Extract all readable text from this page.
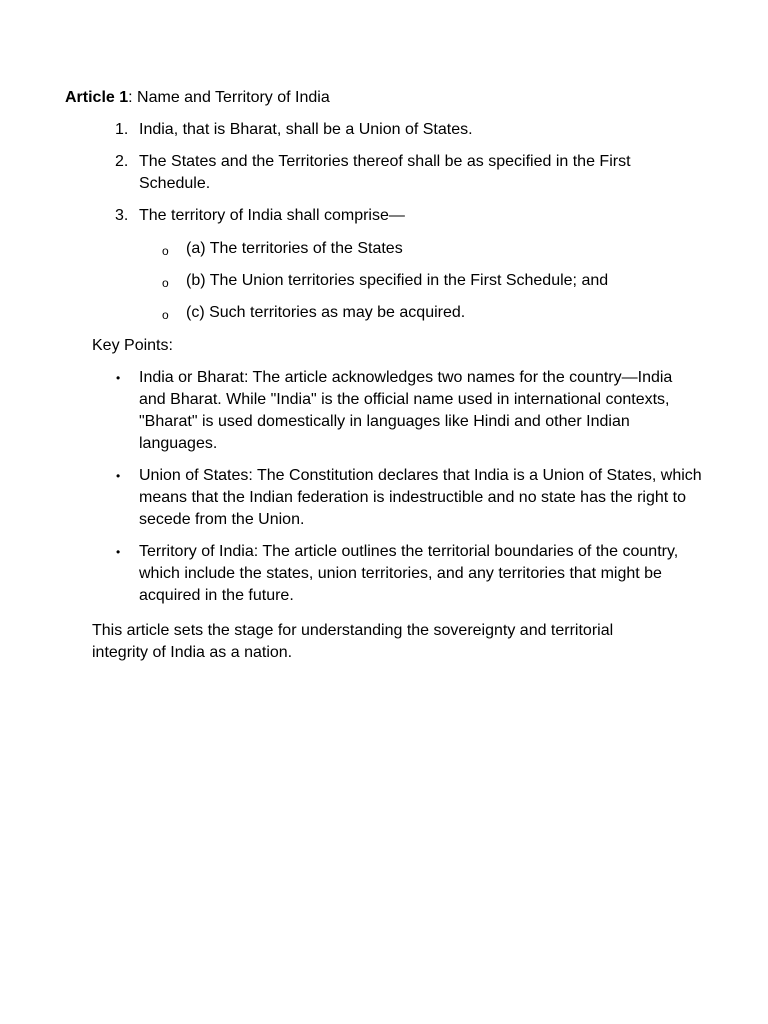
Article 1: Name and Territory of India
1. India, that is Bharat, shall be a Union of States.
2. The States and the Territories thereof shall be as specified in the First Schedule.
3. The territory of India shall comprise—
o (a) The territories of the States
o (b) The Union territories specified in the First Schedule; and
o (c) Such territories as may be acquired.
Key Points:
• India or Bharat: The article acknowledges two names for the country—India and Bharat. While "India" is the official name used in international contexts, "Bharat" is used domestically in languages like Hindi and other Indian languages.
• Union of States: The Constitution declares that India is a Union of States, which means that the Indian federation is indestructible and no state has the right to secede from the Union.
• Territory of India: The article outlines the territorial boundaries of the country, which include the states, union territories, and any territories that might be acquired in the future.

This article sets the stage for understanding the sovereignty and territorial integrity of India as a nation.
